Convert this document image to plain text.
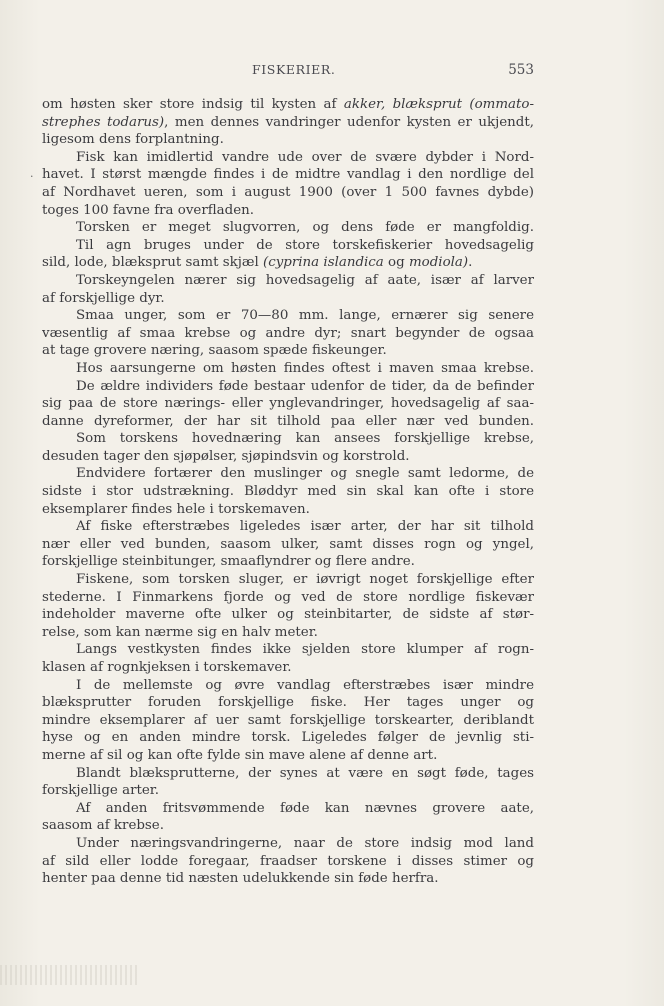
FISKERIER.	553
·
om høsten sker store indsig til kysten af akker, blæksprut (ommato-
strephes todarus), men dennes vandringer udenfor kysten er ukjendt,
ligesom dens forplantning.
Fisk kan imidlertid vandre ude over de svære dybder i Nord-
havet. I størst mængde findes i de midtre vandlag i den nordlige del
af Nordhavet ueren, som i august 1900 (over 1 500 favnes dybde)
toges 100 favne fra overfladen.
Torsken er meget slugvorren, og dens føde er mangfoldig.
Til agn bruges under de store torskefiskerier hovedsagelig
sild, lode, blæksprut samt skjæl (cyprina islandica og modiola).
Torskeyngelen nærer sig hovedsagelig af aate, især af larver
af forskjellige dyr.
Smaa unger, som er 70—80 mm. lange, ernærer sig senere
væsentlig af smaa krebse og andre dyr; snart begynder de ogsaa
at tage grovere næring, saasom spæde fiskeunger.
Hos aarsungerne om høsten findes oftest i maven smaa krebse.
De ældre individers føde bestaar udenfor de tider, da de befinder
sig paa de store nærings- eller ynglevandringer, hovedsagelig af saa-
danne dyreformer, der har sit tilhold paa eller nær ved bunden.
Som torskens hovednæring kan ansees forskjellige krebse,
desuden tager den sjøpølser, sjøpindsvin og korstrold.
Endvidere fortærer den muslinger og snegle samt ledorme, de
sidste i stor udstrækning. Bløddyr med sin skal kan ofte i store
eksemplarer findes hele i torskemaven.
Af fiske efterstræbes ligeledes især arter, der har sit tilhold
nær eller ved bunden, saasom ulker, samt disses rogn og yngel,
forskjellige steinbitunger, smaaflyndrer og flere andre.
Fiskene, som torsken sluger, er iøvrigt noget forskjellige efter
stederne. I Finmarkens fjorde og ved de store nordlige fiskevær
indeholder maverne ofte ulker og steinbitarter, de sidste af stør-
relse, som kan nærme sig en halv meter.
Langs vestkysten findes ikke sjelden store klumper af rogn-
klasen af rognkjeksen i torskemaver.
I de mellemste og øvre vandlag efterstræbes især mindre
blæksprutter foruden forskjellige fiske. Her tages unger og
mindre eksemplarer af uer samt forskjellige torskearter, deriblandt
hyse og en anden mindre torsk. Ligeledes følger de jevnlig sti-
merne af sil og kan ofte fylde sin mave alene af denne art.
Blandt blæksprutterne, der synes at være en søgt føde, tages
forskjellige arter.
Af anden fritsvømmende føde kan nævnes grovere aate,
saasom af krebse.
Under næringsvandringerne, naar de store indsig mod land
af sild eller lodde foregaar, fraadser torskene i disses stimer og
henter paa denne tid næsten udelukkende sin føde herfra.
